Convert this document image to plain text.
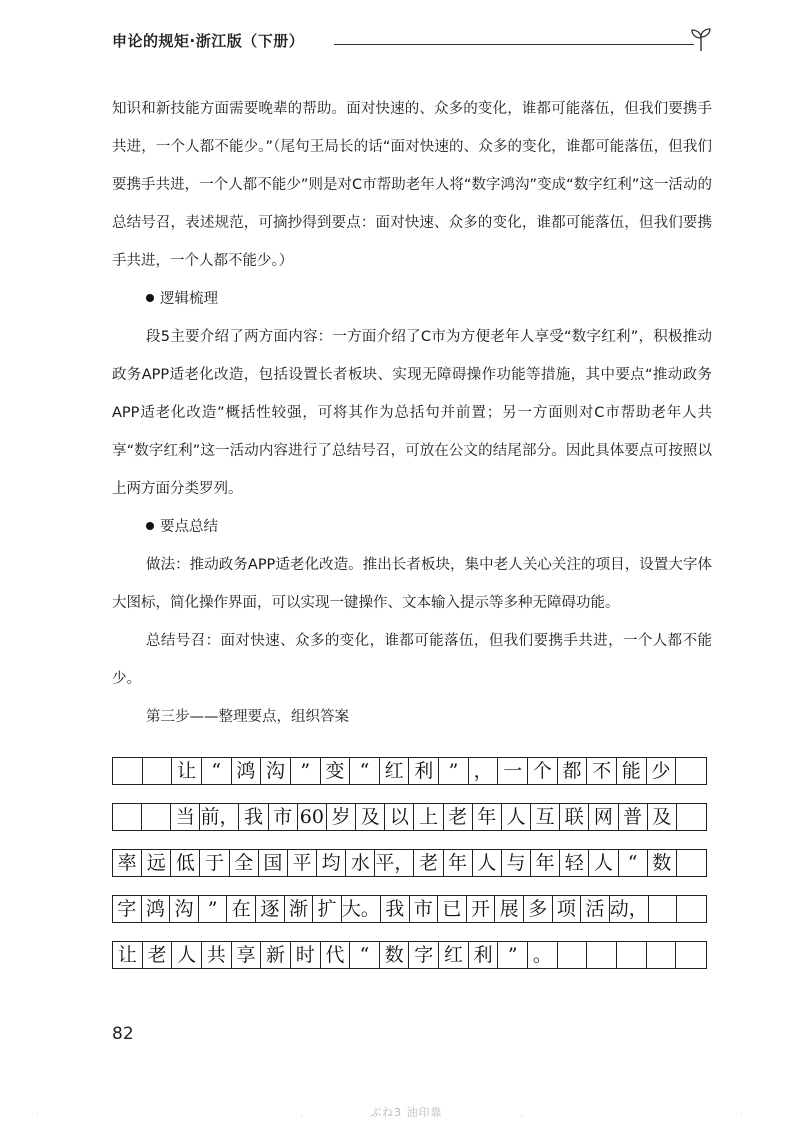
申论的规矩·浙江版（下册）

知识和新技能方面需要晚辈的帮助。面对快速的、众多的变化，谁都可能落伍，但我们要携手共进，一个人都不能少。”（尾句王局长的话“面对快速的、众多的变化，谁都可能落伍，但我们要携手共进，一个人都不能少”则是对C市帮助老年人将“数字鸿沟”变成“数字红利”这一活动的总结号召，表述规范，可摘抄得到要点：面对快速、众多的变化，谁都可能落伍，但我们要携手共进，一个人都不能少。）

逻辑梳理

段5主要介绍了两方面内容：一方面介绍了C市为方便老年人享受“数字红利”，积极推动政务APP适老化改造，包括设置长者板块、实现无障碍操作功能等措施，其中要点“推动政务APP适老化改造”概括性较强，可将其作为总括句并前置；另一方面则对C市帮助老年人共享“数字红利”这一活动内容进行了总结号召，可放在公文的结尾部分。因此具体要点可按照以上两方面分类罗列。

要点总结

做法：推动政务APP适老化改造。推出长者板块，集中老人关心关注的项目，设置大字体大图标，简化操作界面，可以实现一键操作、文本输入提示等多种无障碍功能。

总结号召：面对快速、众多的变化，谁都可能落伍，但我们要携手共进，一个人都不能少。

第三步——整理要点，组织答案

让 “ 鸿 沟 ” 变 “ 红 利 ” ， 一 个 都 不 能 少
当 前， 我 市 60 岁 及 以 上 老 年 人 互 联 网 普 及
率 远 低 于 全 国 平 均 水 平， 老 年 人 与 年 轻 人 “ 数
字 鸿 沟 ” 在 逐 渐 扩 大。 我 市 已 开 展 多 项 活 动，
让 老 人 共 享 新 时 代 “ 数 字 红 利 ” 。
82
ぶね3 油印靠
·	·	·	·
